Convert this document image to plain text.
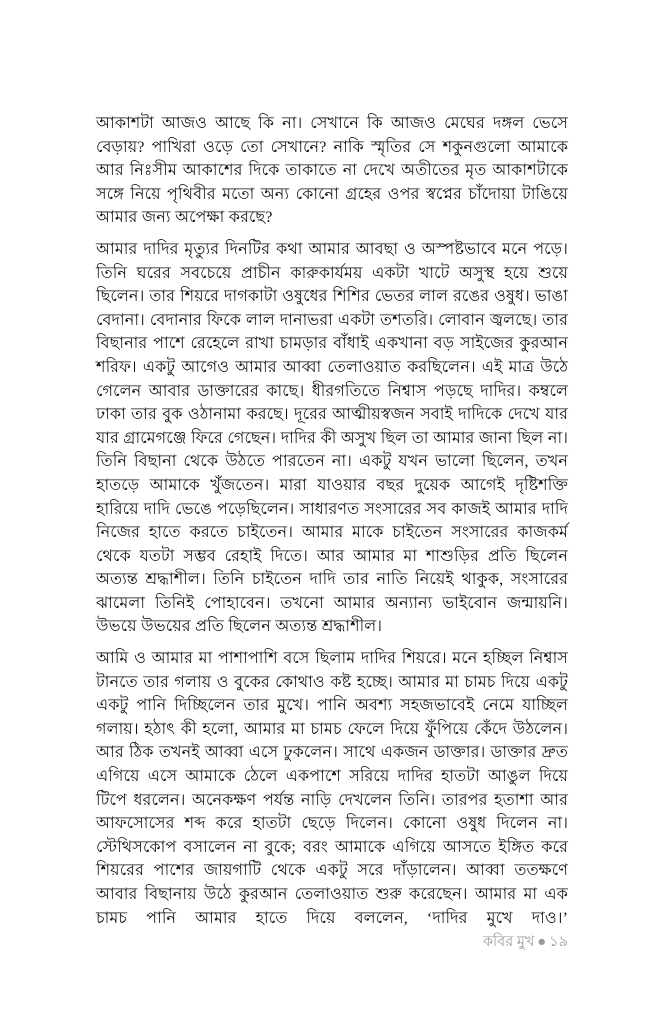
আকাশটা আজও আছে কি না। সেখানে কি আজও মেঘের দঙ্গল ভেসে বেড়ায়? পাখিরা ওড়ে তো সেখানে? নাকি স্মৃতির সে শকুনগুলো আমাকে আর নিঃসীম আকাশের দিকে তাকাতে না দেখে অতীতের মৃত আকাশটাকে সঙ্গে নিয়ে পৃথিবীর মতো অন্য কোনো গ্রহের ওপর স্বপ্নের চাঁদোয়া টাঙিয়ে আমার জন্য অপেক্ষা করছে?

আমার দাদির মৃত্যুর দিনটির কথা আমার আবছা ও অস্পষ্টভাবে মনে পড়ে। তিনি ঘরের সবচেয়ে প্রাচীন কারুকার্যময় একটা খাটে অসুস্থ হয়ে শুয়ে ছিলেন। তার শিয়রে দাগকাটা ওষুধের শিশির ভেতর লাল রঙের ওষুধ। ভাঙা বেদানা। বেদানার ফিকে লাল দানাভরা একটা তশতরি। লোবান জ্বলছে। তার বিছানার পাশে রেহেলে রাখা চামড়ার বাঁধাই একখানা বড় সাইজের কুরআন শরিফ। একটু আগেও আমার আব্বা তেলাওয়াত করছিলেন। এই মাত্র উঠে গেলেন আবার ডাক্তারের কাছে। ধীরগতিতে নিশ্বাস পড়ছে দাদির। কম্বলে ঢাকা তার বুক ওঠানামা করছে। দূরের আত্মীয়স্বজন সবাই দাদিকে দেখে যার যার গ্রামেগঞ্জে ফিরে গেছেন। দাদির কী অসুখ ছিল তা আমার জানা ছিল না। তিনি বিছানা থেকে উঠতে পারতেন না। একটু যখন ভালো ছিলেন, তখন হাতড়ে আমাকে খুঁজতেন। মারা যাওয়ার বছর দুয়েক আগেই দৃষ্টিশক্তি হারিয়ে দাদি ভেঙে পড়েছিলেন। সাধারণত সংসারের সব কাজই আমার দাদি নিজের হাতে করতে চাইতেন। আমার মাকে চাইতেন সংসারের কাজকর্ম থেকে যতটা সম্ভব রেহাই দিতে। আর আমার মা শাশুড়ির প্রতি ছিলেন অত্যন্ত শ্রদ্ধাশীল। তিনি চাইতেন দাদি তার নাতি নিয়েই থাকুক, সংসারের ঝামেলা তিনিই পোহাবেন। তখনো আমার অন্যান্য ভাইবোন জন্মায়নি। উভয়ে উভয়ের প্রতি ছিলেন অত্যন্ত শ্রদ্ধাশীল।

আমি ও আমার মা পাশাপাশি বসে ছিলাম দাদির শিয়রে। মনে হচ্ছিল নিশ্বাস টানতে তার গলায় ও বুকের কোথাও কষ্ট হচ্ছে। আমার মা চামচ দিয়ে একটু একটু পানি দিচ্ছিলেন তার মুখে। পানি অবশ্য সহজভাবেই নেমে যাচ্ছিল গলায়। হঠাৎ কী হলো, আমার মা চামচ ফেলে দিয়ে ফুঁপিয়ে কেঁদে উঠলেন। আর ঠিক তখনই আব্বা এসে ঢুকলেন। সাথে একজন ডাক্তার। ডাক্তার দ্রুত এগিয়ে এসে আমাকে ঠেলে একপাশে সরিয়ে দাদির হাতটা আঙুল দিয়ে টিপে ধরলেন। অনেকক্ষণ পর্যন্ত নাড়ি দেখলেন তিনি। তারপর হতাশা আর আফসোসের শব্দ করে হাতটা ছেড়ে দিলেন। কোনো ওষুধ দিলেন না। স্টেথিসকোপ বসালেন না বুকে; বরং আমাকে এগিয়ে আসতে ইঙ্গিত করে শিয়রের পাশের জায়গাটি থেকে একটু সরে দাঁড়ালেন। আব্বা ততক্ষণে আবার বিছানায় উঠে কুরআন তেলাওয়াত শুরু করেছেন। আমার মা এক চামচ পানি আমার হাতে দিয়ে বললেন, ‘দাদির মুখে দাও।’

কবির মুখ ● ১৯
